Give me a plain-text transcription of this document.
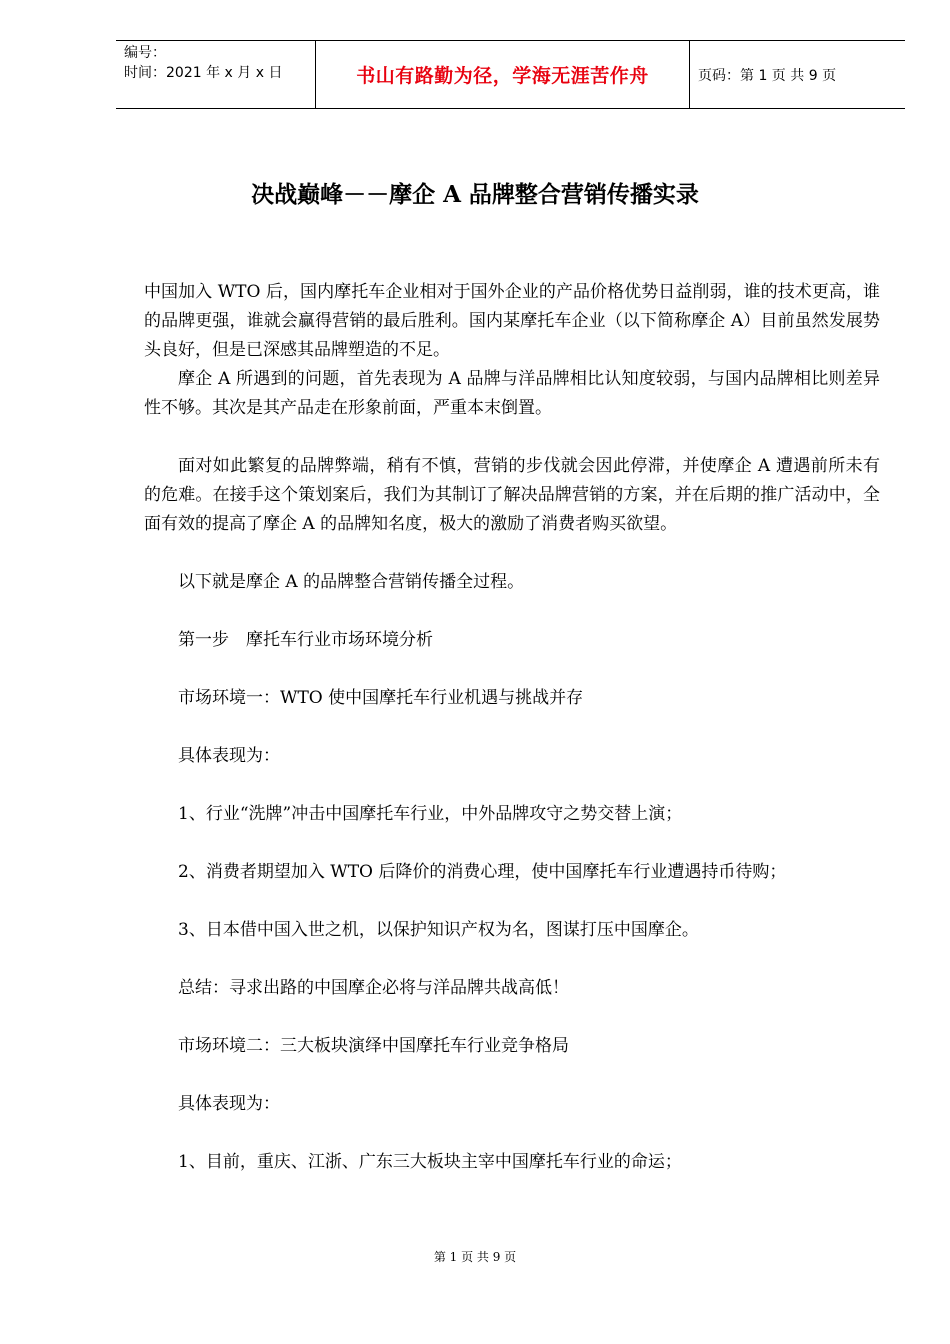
编号：
时间：2021 年 x 月 x 日	书山有路勤为径，学海无涯苦作舟	页码：第 1 页 共 9 页
决战巅峰－－摩企 A 品牌整合营销传播实录

中国加入 WTO 后，国内摩托车企业相对于国外企业的产品价格优势日益削弱，谁的技术更高，谁的品牌更强，谁就会赢得营销的最后胜利。国内某摩托车企业（以下简称摩企 A）目前虽然发展势头良好，但是已深感其品牌塑造的不足。

摩企 A 所遇到的问题，首先表现为 A 品牌与洋品牌相比认知度较弱，与国内品牌相比则差异性不够。其次是其产品走在形象前面，严重本末倒置。

面对如此繁复的品牌弊端，稍有不慎，营销的步伐就会因此停滞，并使摩企 A 遭遇前所未有的危难。在接手这个策划案后，我们为其制订了解决品牌营销的方案，并在后期的推广活动中，全面有效的提高了摩企 A 的品牌知名度，极大的激励了消费者购买欲望。

以下就是摩企 A 的品牌整合营销传播全过程。

第一步　摩托车行业市场环境分析

市场环境一：WTO 使中国摩托车行业机遇与挑战并存

具体表现为：

1、行业“洗牌”冲击中国摩托车行业，中外品牌攻守之势交替上演；

2、消费者期望加入 WTO 后降价的消费心理，使中国摩托车行业遭遇持币待购；

3、日本借中国入世之机，以保护知识产权为名，图谋打压中国摩企。

总结：寻求出路的中国摩企必将与洋品牌共战高低！

市场环境二：三大板块演绎中国摩托车行业竞争格局

具体表现为：

1、目前，重庆、江浙、广东三大板块主宰中国摩托车行业的命运；

第 1 页 共 9 页
